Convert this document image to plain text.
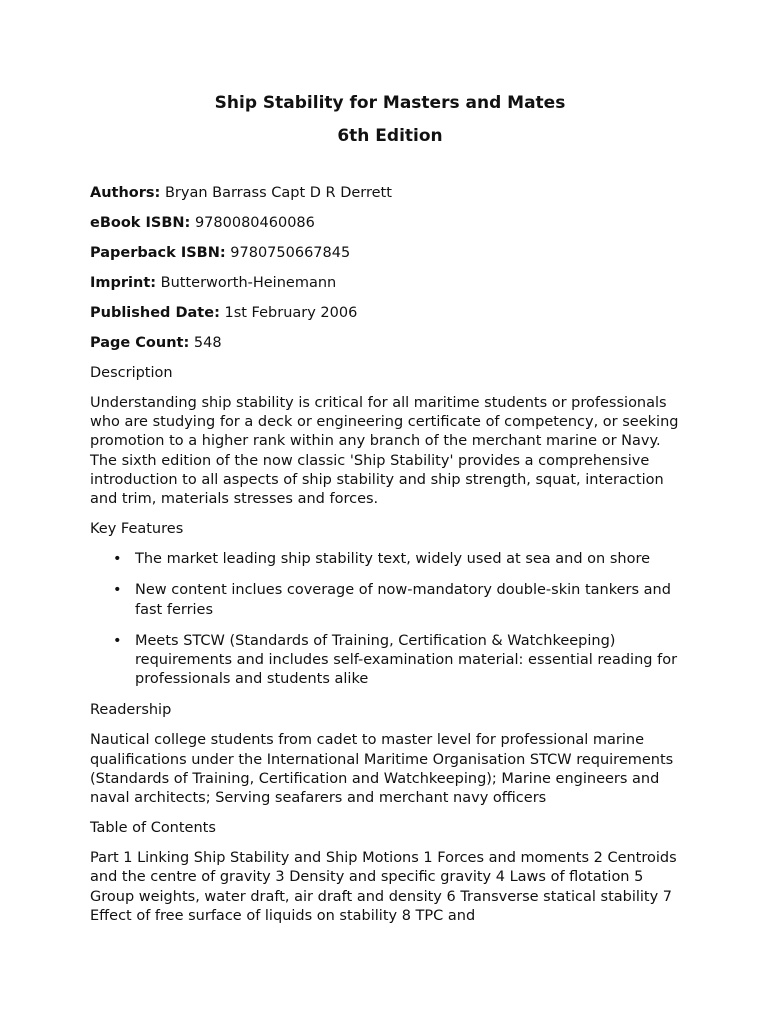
Ship Stability for Masters and Mates
6th Edition

Authors: Bryan Barrass Capt D R Derrett

eBook ISBN: 9780080460086

Paperback ISBN: 9780750667845

Imprint: Butterworth-Heinemann

Published Date: 1st February 2006

Page Count: 548

Description

Understanding ship stability is critical for all maritime students or professionals who are studying for a deck or engineering certificate of competency, or seeking promotion to a higher rank within any branch of the merchant marine or Navy. The sixth edition of the now classic 'Ship Stability' provides a comprehensive introduction to all aspects of ship stability and ship strength, squat, interaction and trim, materials stresses and forces.

Key Features

• The market leading ship stability text, widely used at sea and on shore
• New content inclues coverage of now-mandatory double-skin tankers and fast ferries
• Meets STCW (Standards of Training, Certification & Watchkeeping) requirements and includes self-examination material: essential reading for professionals and students alike

Readership

Nautical college students from cadet to master level for professional marine qualifications under the International Maritime Organisation STCW requirements (Standards of Training, Certification and Watchkeeping); Marine engineers and naval architects; Serving seafarers and merchant navy officers

Table of Contents

Part 1 Linking Ship Stability and Ship Motions 1 Forces and moments 2 Centroids and the centre of gravity 3 Density and specific gravity 4 Laws of flotation 5 Group weights, water draft, air draft and density 6 Transverse statical stability 7 Effect of free surface of liquids on stability 8 TPC and
